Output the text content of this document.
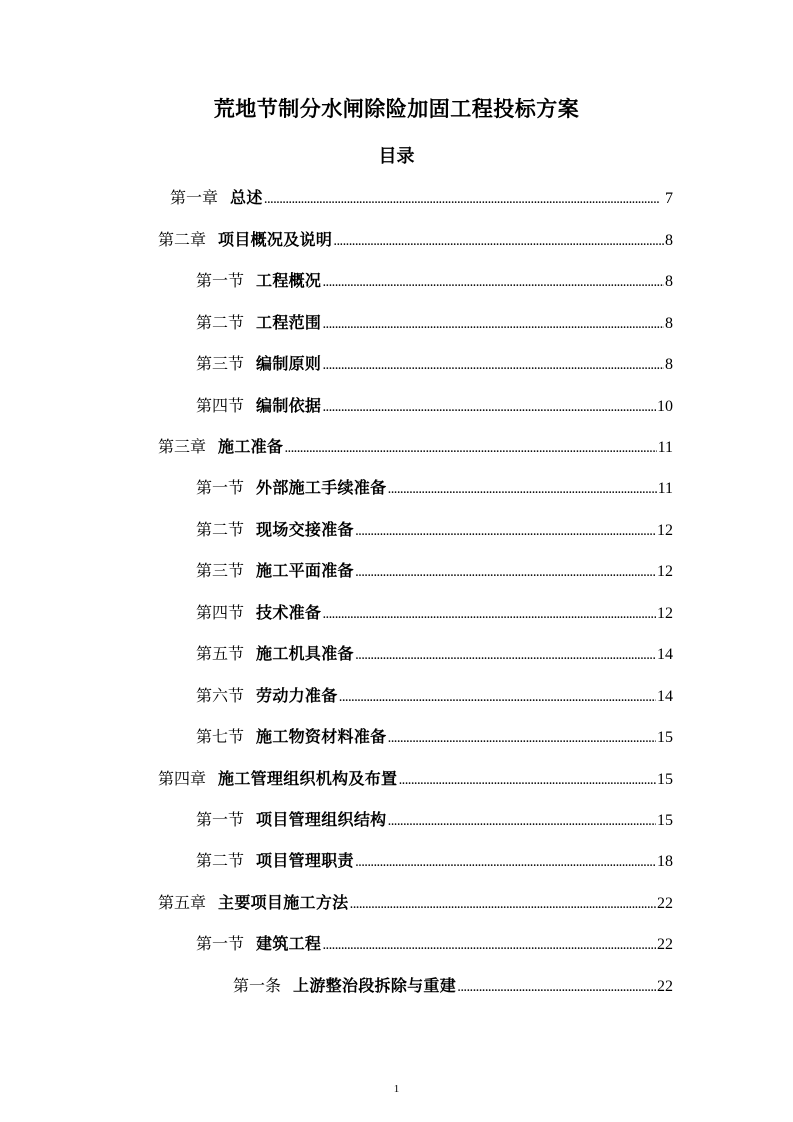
荒地节制分水闸除险加固工程投标方案
目录
第一章 总述 . . .	7
第二章 项目概况及说明 . . .	8
第一节 工程概况 . . .	8
第二节 工程范围 . . .	8
第三节 编制原则 . . .	8
第四节 编制依据 . . .	10
第三章 施工准备 . . .	11
第一节 外部施工手续准备 . . .	11
第二节 现场交接准备 . . .	12
第三节 施工平面准备 . . .	12
第四节 技术准备 . . .	12
第五节 施工机具准备 . . .	14
第六节 劳动力准备 . . .	14
第七节 施工物资材料准备 . . .	15
第四章 施工管理组织机构及布置 . . .	15
第一节 项目管理组织结构 . . .	15
第二节 项目管理职责 . . .	18
第五章 主要项目施工方法 . . .	22
第一节 建筑工程 . . .	22
第一条 上游整治段拆除与重建 . . .	22
1
